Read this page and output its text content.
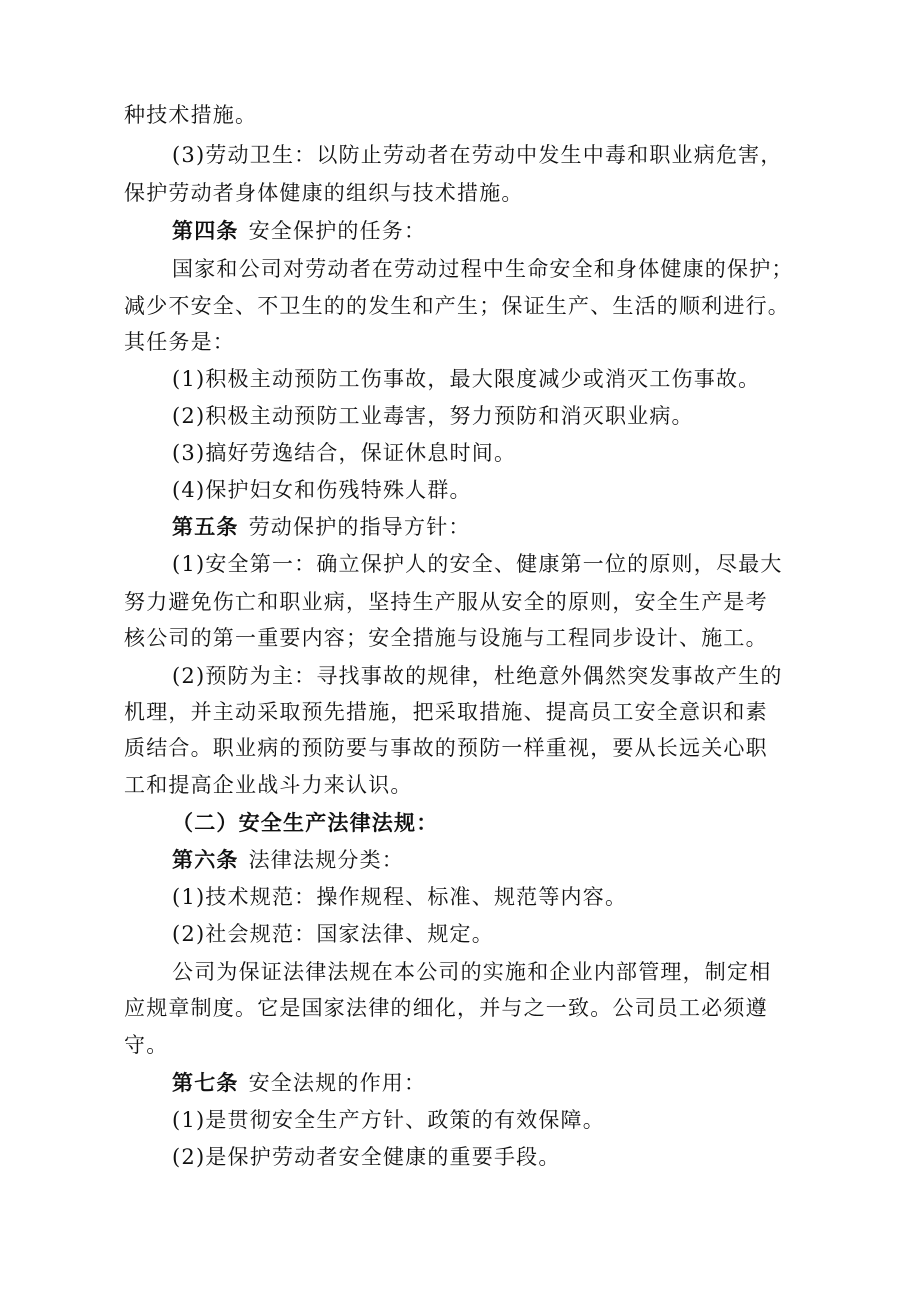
种技术措施。
(3)劳动卫生：以防止劳动者在劳动中发生中毒和职业病危害，
保护劳动者身体健康的组织与技术措施。
第四条 安全保护的任务：
国家和公司对劳动者在劳动过程中生命安全和身体健康的保护；
减少不安全、不卫生的的发生和产生；保证生产、生活的顺利进行。
其任务是：
(1)积极主动预防工伤事故，最大限度减少或消灭工伤事故。
(2)积极主动预防工业毒害，努力预防和消灭职业病。
(3)搞好劳逸结合，保证休息时间。
(4)保护妇女和伤残特殊人群。
第五条 劳动保护的指导方针：
(1)安全第一：确立保护人的安全、健康第一位的原则，尽最大
努力避免伤亡和职业病，坚持生产服从安全的原则，安全生产是考
核公司的第一重要内容；安全措施与设施与工程同步设计、施工。
(2)预防为主：寻找事故的规律，杜绝意外偶然突发事故产生的
机理，并主动采取预先措施，把采取措施、提高员工安全意识和素
质结合。职业病的预防要与事故的预防一样重视，要从长远关心职
工和提高企业战斗力来认识。
（二）安全生产法律法规：
第六条 法律法规分类：
(1)技术规范：操作规程、标准、规范等内容。
(2)社会规范：国家法律、规定。
公司为保证法律法规在本公司的实施和企业内部管理，制定相
应规章制度。它是国家法律的细化，并与之一致。公司员工必须遵
守。
第七条 安全法规的作用：
(1)是贯彻安全生产方针、政策的有效保障。
(2)是保护劳动者安全健康的重要手段。
